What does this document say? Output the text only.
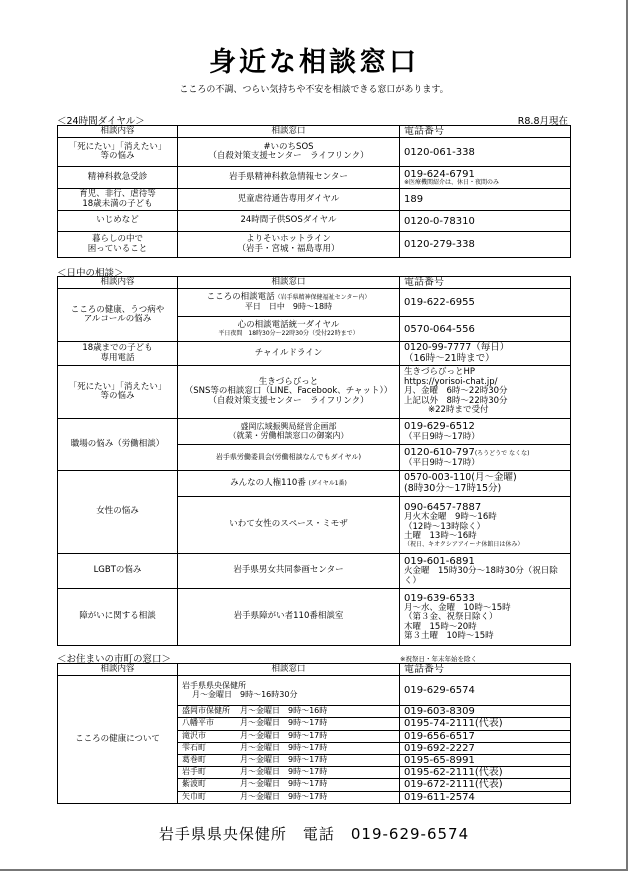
身近な相談窓口

こころの不調、つらい気持ちや不安を相談できる窓口があります。

＜24時間ダイヤル＞	R8.8月現在
相談内容	相談窓口	電話番号

「死にたい」「消えたい」
等の悩み	#いのちSOS
（自殺対策支援センター　ライフリンク）	0120-061-338

精神科救急受診	岩手県精神科救急情報センター	019-624-6791
※医療機関紹介は、休日・夜間のみ

育児、非行、虐待等
18歳未満の子ども	児童虐待通告専用ダイヤル	189

いじめなど	24時間子供SOSダイヤル	0120-0-78310

暮らしの中で
困っていること	よりそいホットライン
（岩手・宮城・福島専用）	0120-279-338
＜日中の相談＞
相談内容	相談窓口	電話番号

こころの健康、うつ病や
アルコールの悩み	こころの相談電話（岩手県精神保健福祉センター内）
平日　日中　9時～18時	019-622-6955

	心の相談電話統一ダイヤル
平日夜間　18時30分～22時30分（受付22時まで）	0570-064-556

18歳までの子ども
専用電話	チャイルドライン	0120-99-7777（毎日）
（16時～21時まで）

「死にたい」「消えたい」
等の悩み	生きづらびっと
（SNS等の相談窓口（LINE、Facebook、チャット））
（自殺対策支援センター　ライフリンク）	生きづらびっとHP
https://yorisoi-chat.jp/
月、金曜　6時～22時30分
上記以外　8時～22時30分
※22時まで受付

職場の悩み（労働相談）	盛岡広域振興局経営企画部
（就業・労働相談窓口の御案内）	019-629-6512
（平日9時～17時）

	岩手県労働委員会(労働相談なんでもダイヤル)	0120-610-797(ろうどうで なくな)
（平日9時～17時）

女性の悩み	みんなの人権110番 (ダイヤル1番)	0570-003-110(月～金曜)
(8時30分～17時15分)

	いわて女性のスペース・ミモザ	090-6457-7887
月火木金曜　9時～16時
（12時～13時除く）
土曜　13時～16時
（祝日、キオクシアアイーナ休館日は休み）

LGBTの悩み	岩手県男女共同参画センター	019-601-6891
火金曜　15時30分～18時30分（祝日除く）

障がいに関する相談	岩手県障がい者110番相談室	019-639-6533
月～水、金曜　10時～15時
（第３金、祝祭日除く）
木曜　15時～20時
第３土曜　10時～15時
＜お住まいの市町の窓口＞	※祝祭日・年末年始を除く
相談内容	相談窓口	電話番号
こころの健康について	岩手県県央保健所
月～金曜日　9時～16時30分	019-629-6574

	盛岡市保健所 月～金曜日　9時～16時	019-603-8309

	八幡平市 月～金曜日　9時～17時	0195-74-2111(代表)

	滝沢市 月～金曜日　9時～17時	019-656-6517

	雫石町 月～金曜日　9時～17時	019-692-2227

	葛巻町 月～金曜日　9時～17時	0195-65-8991

	岩手町 月～金曜日　9時～17時	0195-62-2111(代表)

	紫波町 月～金曜日　9時～17時	019-672-2111(代表)

	矢巾町 月～金曜日　9時～17時	019-611-2574
岩手県県央保健所　電話　019-629-6574
